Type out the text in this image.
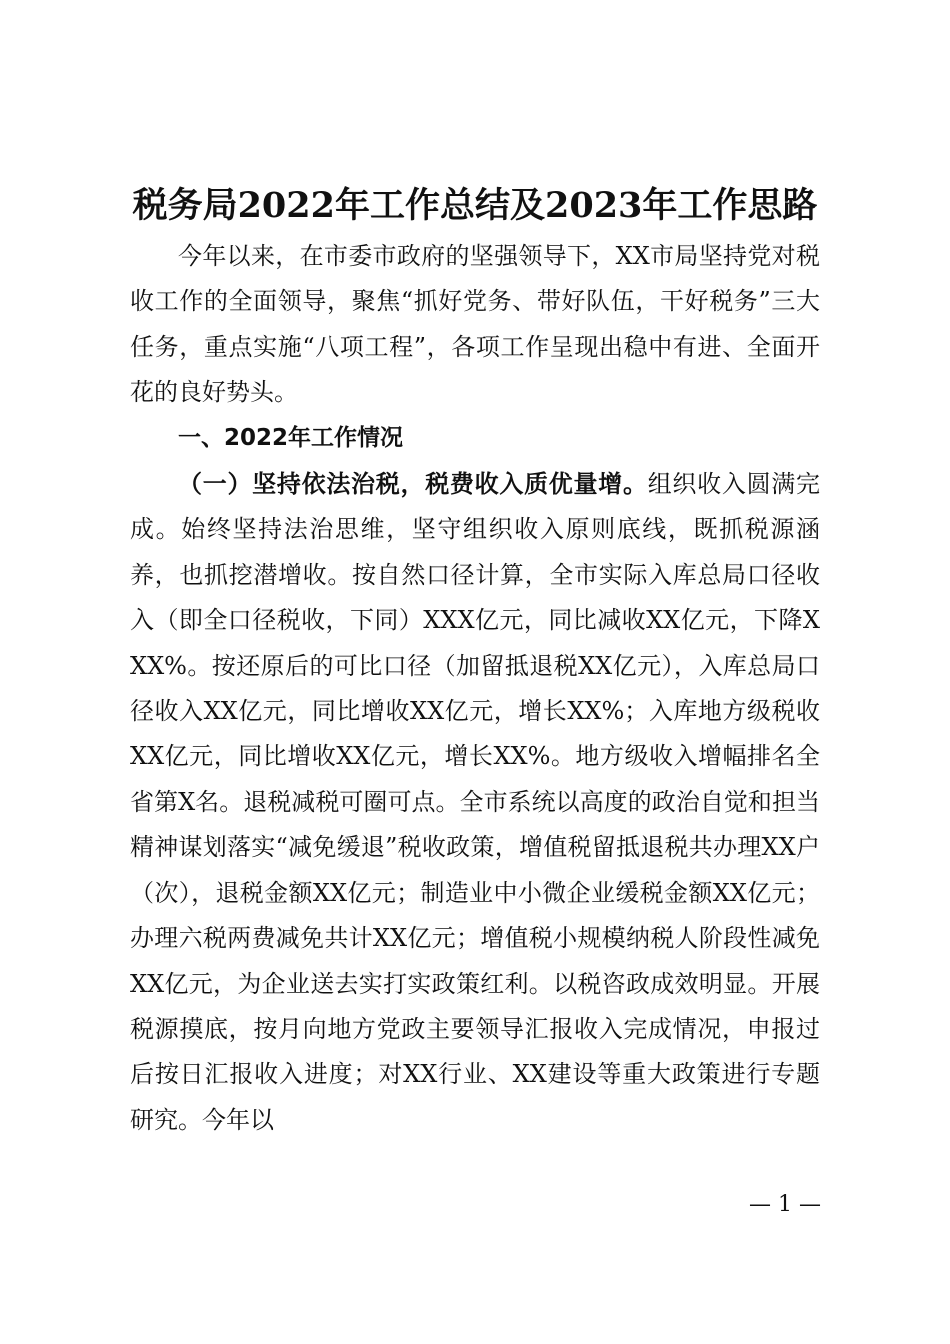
税务局2022年工作总结及2023年工作思路

今年以来，在市委市政府的坚强领导下，XX市局坚持党对税收工作的全面领导，聚焦“抓好党务、带好队伍，干好税务”三大任务，重点实施“八项工程”，各项工作呈现出稳中有进、全面开花的良好势头。

一、2022年工作情况

（一）坚持依法治税，税费收入质优量增。组织收入圆满完成。始终坚持法治思维，坚守组织收入原则底线，既抓税源涵养，也抓挖潜增收。按自然口径计算，全市实际入库总局口径收入（即全口径税收，下同）XXX亿元，同比减收XX亿元，下降XXX%。按还原后的可比口径（加留抵退税XX亿元），入库总局口径收入XX亿元，同比增收XX亿元，增长XX%；入库地方级税收XX亿元，同比增收XX亿元，增长XX%。地方级收入增幅排名全省第X名。退税减税可圈可点。全市系统以高度的政治自觉和担当精神谋划落实“减免缓退”税收政策，增值税留抵退税共办理XX户（次），退税金额XX亿元；制造业中小微企业缓税金额XX亿元；办理六税两费减免共计XX亿元；增值税小规模纳税人阶段性减免XX亿元，为企业送去实打实政策红利。以税咨政成效明显。开展税源摸底，按月向地方党政主要领导汇报收入完成情况，申报过后按日汇报收入进度；对XX行业、XX建设等重大政策进行专题研究。今年以

— 1 —
